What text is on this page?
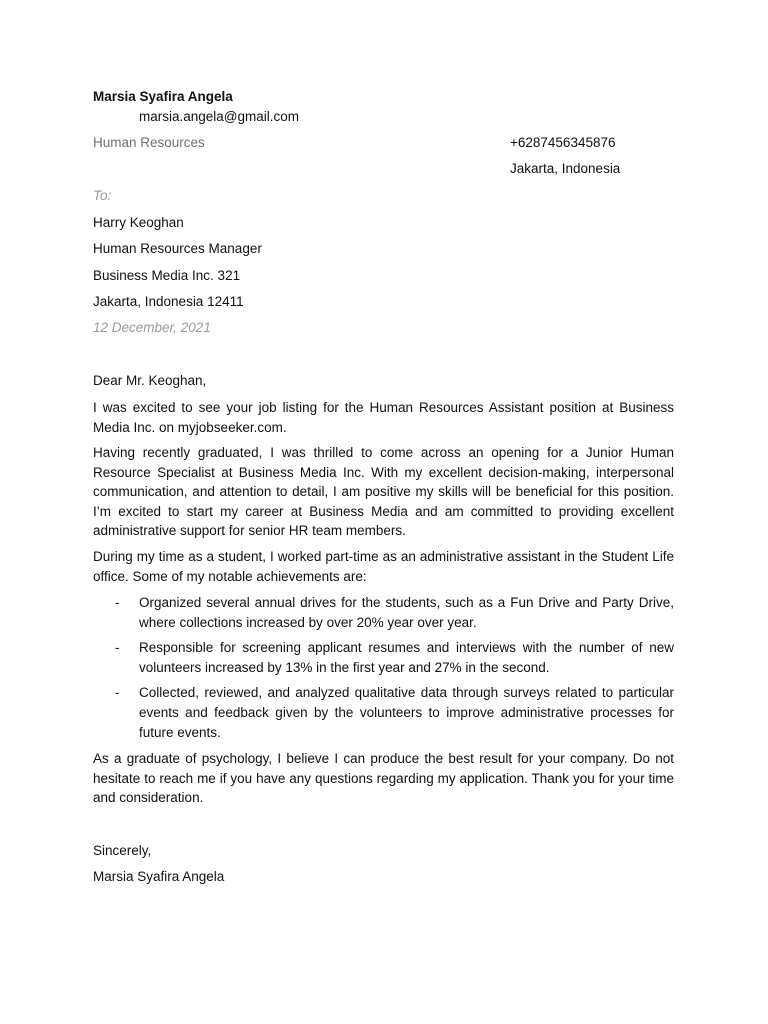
Marsia Syafira Angela
marsia.angela@gmail.com
Human Resources	+6287456345876
Jakarta, Indonesia
To:
Harry Keoghan
Human Resources Manager
Business Media Inc. 321
Jakarta, Indonesia 12411
12 December, 2021
Dear Mr. Keoghan,
I was excited to see your job listing for the Human Resources Assistant position at Business Media Inc. on myjobseeker.com.
Having recently graduated, I was thrilled to come across an opening for a Junior Human Resource Specialist at Business Media Inc. With my excellent decision-making, interpersonal communication, and attention to detail, I am positive my skills will be beneficial for this position. I’m excited to start my career at Business Media and am committed to providing excellent administrative support for senior HR team members.
During my time as a student, I worked part-time as an administrative assistant in the Student Life office. Some of my notable achievements are:
- Organized several annual drives for the students, such as a Fun Drive and Party Drive, where collections increased by over 20% year over year.
- Responsible for screening applicant resumes and interviews with the number of new volunteers increased by 13% in the first year and 27% in the second.
- Collected, reviewed, and analyzed qualitative data through surveys related to particular events and feedback given by the volunteers to improve administrative processes for future events.
As a graduate of psychology, I believe I can produce the best result for your company. Do not hesitate to reach me if you have any questions regarding my application. Thank you for your time and consideration.
Sincerely,
Marsia Syafira Angela
